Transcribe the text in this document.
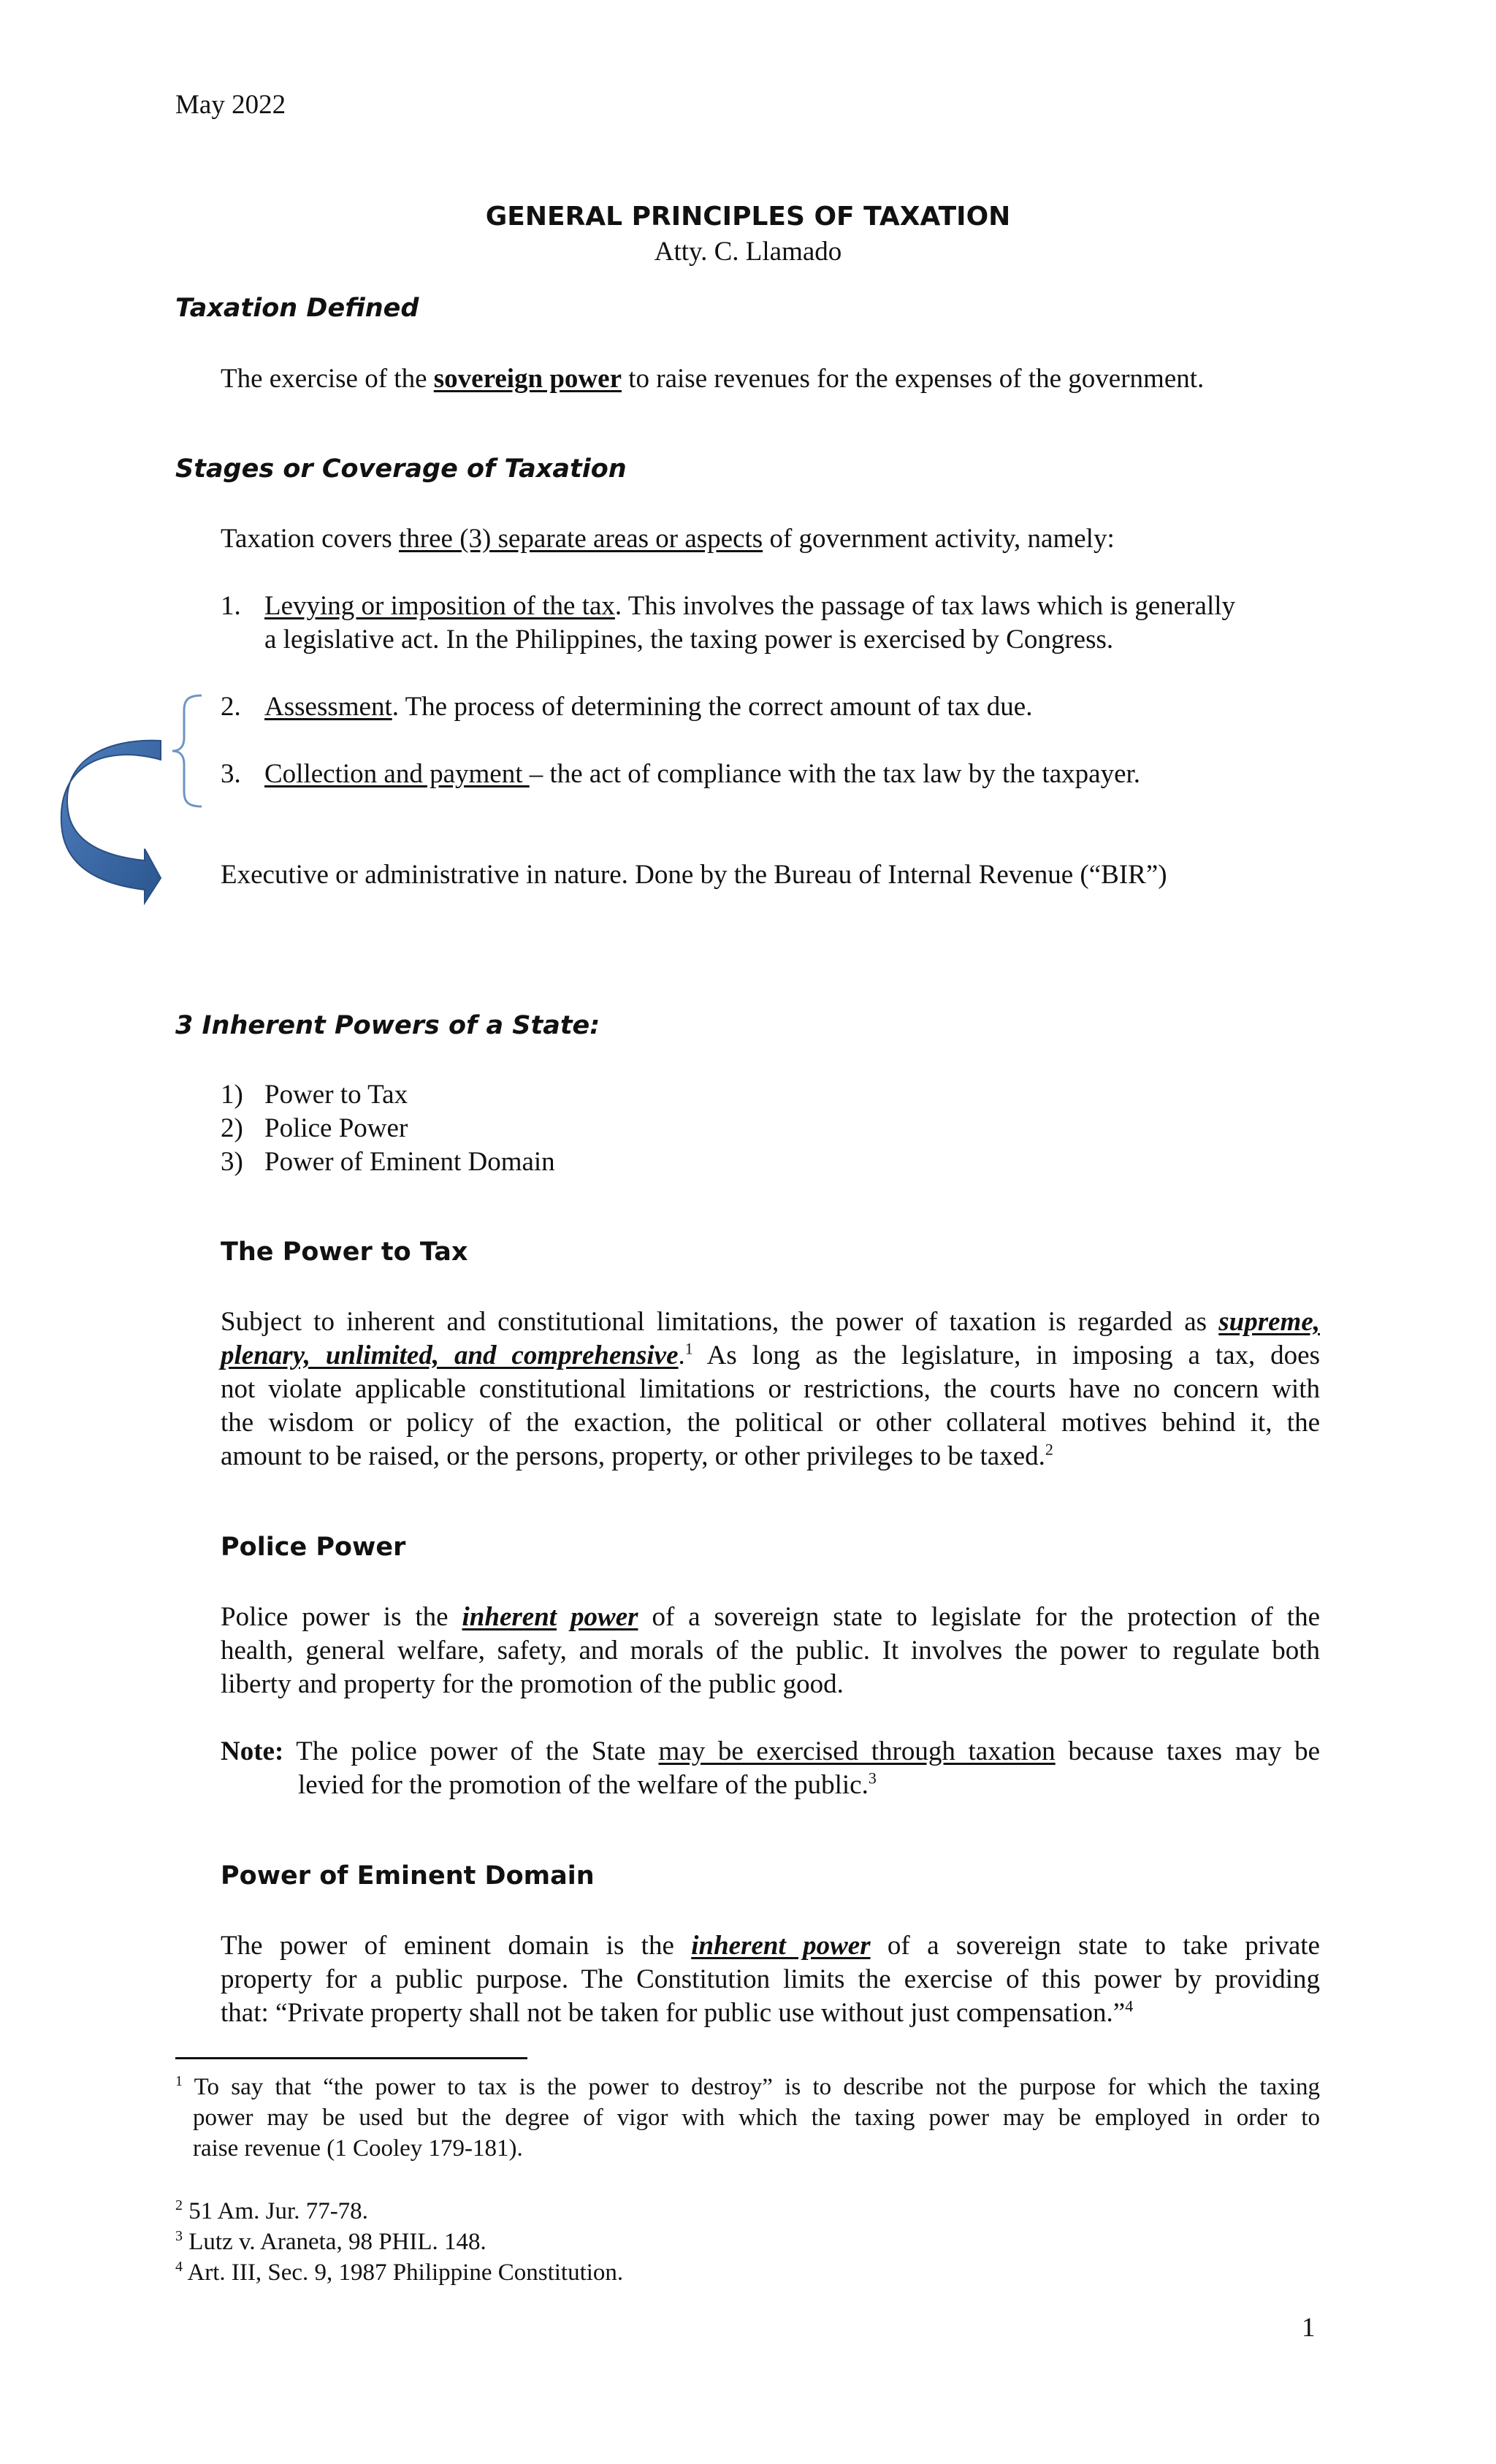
May 2022
GENERAL PRINCIPLES OF TAXATION
Atty. C. Llamado
Taxation Defined
The exercise of the sovereign power to raise revenues for the expenses of the government.
Stages or Coverage of Taxation
Taxation covers three (3) separate areas or aspects of government activity, namely:
1. Levying or imposition of the tax. This involves the passage of tax laws which is generally
a legislative act. In the Philippines, the taxing power is exercised by Congress.
2. Assessment. The process of determining the correct amount of tax due.
3. Collection and payment – the act of compliance with the tax law by the taxpayer.
Executive or administrative in nature. Done by the Bureau of Internal Revenue (“BIR”)
3 Inherent Powers of a State:
1) Power to Tax
2) Police Power
3) Power of Eminent Domain
The Power to Tax
Subject to inherent and constitutional limitations, the power of taxation is regarded as supreme,
plenary, unlimited, and comprehensive.$^1$ As long as the legislature, in imposing a tax, does
not violate applicable constitutional limitations or restrictions, the courts have no concern with
the wisdom or policy of the exaction, the political or other collateral motives behind it, the
amount to be raised, or the persons, property, or other privileges to be taxed.$^2$
Police Power
Police power is the inherent power of a sovereign state to legislate for the protection of the
health, general welfare, safety, and morals of the public. It involves the power to regulate both
liberty and property for the promotion of the public good.
Note: The police power of the State may be exercised through taxation because taxes may be
levied for the promotion of the welfare of the public.$^3$
Power of Eminent Domain
The power of eminent domain is the inherent power of a sovereign state to take private
property for a public purpose. The Constitution limits the exercise of this power by providing
that: “Private property shall not be taken for public use without just compensation.”$^4$
$^1$ To say that “the power to tax is the power to destroy” is to describe not the purpose for which the taxing
power may be used but the degree of vigor with which the taxing power may be employed in order to
raise revenue (1 Cooley 179-181).
$^2$ 51 Am. Jur. 77-78.
$^3$ Lutz v. Araneta, 98 PHIL. 148.
$^4$ Art. III, Sec. 9, 1987 Philippine Constitution.
1
